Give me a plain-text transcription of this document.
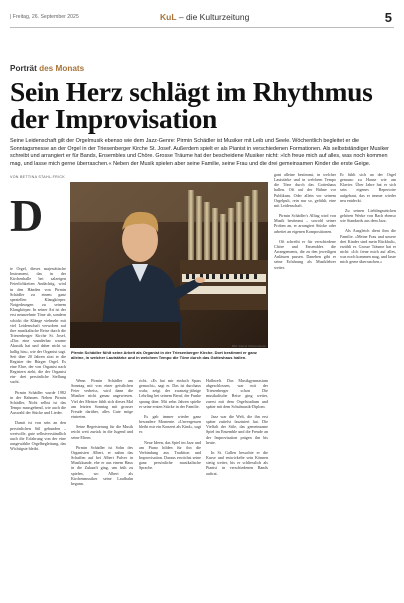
| Freitag, 26. September 2025	KuL – die Kulturzeitung	5
Porträt des Monats
Sein Herz schlägt im Rhythmus der Improvisation
Seine Leidenschaft gilt der Orgelmusik ebenso wie dem Jazz-Genre: Pirmin Schädler ist Musiker mit Leib und Seele. Wöchentlich begleitet er die Sonntagsmesse an der Orgel in der Triesenberger Kirche St. Josef. Außerdem spielt er als Pianist in verschiedenen Formationen. Als selbstständiger Musiker schreibt und arrangiert er für Bands, Ensembles und Chöre. Grosse Träume hat der bescheidene Musiker nicht: »Ich freue mich auf alles, was noch kommen mag, und lasse mich gerne überraschen.« Neben der Musik spielen aber seine Familie, seine Frau und die drei gemeinsamen Kinder die erste Geige.
VON BETTINA STAHL-FRICK
D

ie Orgel, dieses majestätische Instrument, das in der Kirchenhalle bei salzeigen Feierlichkeiten Andächtig, wird in den Händen von Pirmin Schädler zu einem ganz speziellen Klangkörper. Notgedrungen zu seinem Klangkörper. In seiner Art ist der erst neunzehnte Töne ab, sondern schickt die Klänge vielmehr mit viel Leidenschaft verwoben auf ihre musikalische Reise durch die Triesenberger Kirche St. Josef, »Das eine wunderbar warme Akustik hat und daher nicht so hallig hin«, wie der Organist sagt. Seit über 20 Jahren sitzt er die Register der Bürger Orgel. Es eine Ehre, der von Organist nach Registern zieht, die der Organist ein- drei persönliche Stellung sucht.

Pirmin Schädler wurde 1982 in der Rahmen. Neben Pirmin Schädler, Nicht selbst ist das Tempo massgebend, wie auch die Auswahl der Stücke und Lieder.

Damit ist von sein an den persönlichen Stil gebunden – wertvolle, gute selbstverständlich auch die Erfahrung von der eine ausgewählte Orgelbegleitung, das Wichtigste bleibt.

Bild: Daniel Schwendener
Pirmin Schädler fühlt seine Arbeit als Organist in der Triesenberger Kirche. Dort bestimmt er ganz alleine, in welcher Lautstärke und in welchem Tempo die Töne durch das Gotteshaus hallen.

Wenn Pirmin Schädler am Sonntag mit von einer geistlichen Feier verheiss, wird dann die Musiker nicht genau angewiesen. Viel der Meister fühlt sich dieses Mal am letzten Sonntag mit grosser Freude darüber, alles Gute möge eintreten.

Seine Begeisterung für die Musik reicht weit zurück in die Jugend und seine Eltern.

Pirmin Schädler ist Sohn des Organisten Albert, er nahm das Schaffen auf bei Albert Pulver in Musikkunde, ehe er aus einem Haus in die Zukunft ging, um früh zu spielen, wo Albert als Kirchenmusiker seine Laufbahn begann.

richt. »Es hat mir einfach Spass gemacht«, sagt er. Das ist durchaus wahr, zeigt der zwanzig-jährige Lehrling bei seinem Beruf, der Funke sprang über. Mit zehn Jahren spielte er seine ersten Stücke in der Familie.

Es gab immer wieder ganz besondere Momente. »Unvergessen bleibt mir ein Konzert als Kind«, sagt er.

Neue Ideen, das Spiel im Jazz und am Piano bilden für ihn die Verbindung aus Tradition und Improvisation. Daraus erwächst seine ganz persönliche musikalische Sprache.

Halbwelt. Das Musikgymnasium abgeschlossen, war mit der Triesenberger schon Die musikalische Reise ging weiter, zuerst mit dem Orgelstudium und später mit dem Schulmusik-Diplom.

Jazz war die Welt, die ihn erst später zutiefst fasziniert hat. Die Vielfalt der Stile, das gemeinsame Spiel im Ensemble und die Freude an der Improvisation prägen ihn bis heute.

In St. Gallen besuchte er die Kurse und entwickelte sein Können stetig weiter, bis er schliesslich als Pianist in verschiedenen Bands auftrat.

gant alleine bestimmt, in welcher Lautstärke und in welchem Tempo die Töne durch das Gotteshaus hallen. Oft auf der Bühne vor Publikum. Oder allein vor seinem Orgelpult, rein nur so, gefühlt, eine mit Leidenschaft.

Pirmin Schädler's Alltag wird von Musik bestimmt – sowohl seiner Proben an, er arrangiert Stücke oder arbeitet an eigenen Kompositionen.

Oft schreibt er für verschiedene Chöre und Ensembles die Arrangements, die zu den jeweiligen Anlässen passen. Daneben gibt er seine Erfahrung als Musiklehrer weiter.

Er fühlt sich an der Orgel genauso zu Hause wie am Klavier. Über Jahre hat er sich sein eigenes Repertoire aufgebaut, das er immer wieder neu entdeckt.

Zu seinen Lieblingsstücken gehören Werke von Bach ebenso wie Standards aus dem Jazz.

Als Ausgleich dient ihm die Familie. »Meine Frau und unsere drei Kinder sind mein Rückhalt«, erzählt er. Grosse Träume hat er nicht: »Ich freue mich auf alles, was noch kommen mag, und lasse mich gerne überraschen.«
